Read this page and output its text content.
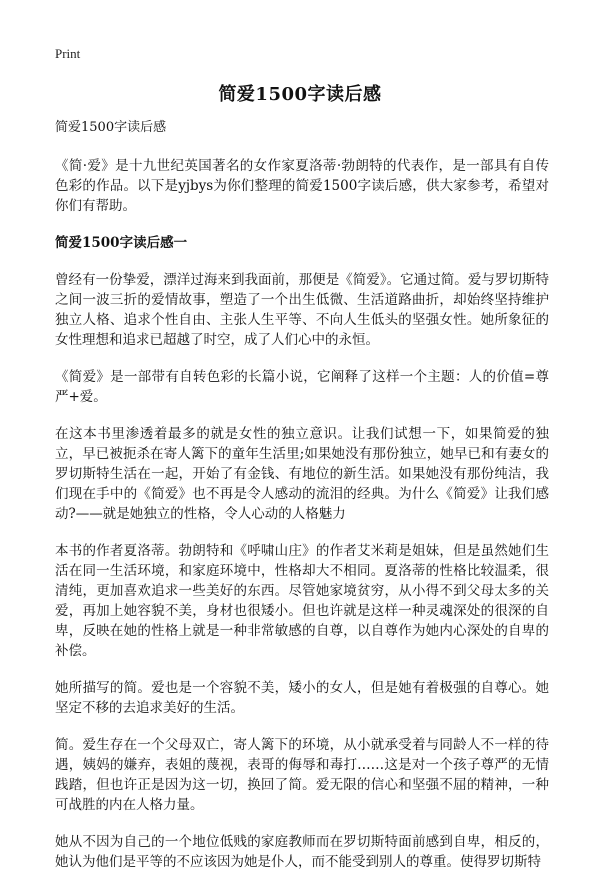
Print
简爱1500字读后感

简爱1500字读后感

《简·爱》是十九世纪英国著名的女作家夏洛蒂·勃朗特的代表作，是一部具有自传色彩的作品。以下是yjbys为你们整理的简爱1500字读后感，供大家参考，希望对你们有帮助。

简爱1500字读后感一

曾经有一份挚爱，漂洋过海来到我面前，那便是《简爱》。它通过简。爱与罗切斯特之间一波三折的爱情故事，塑造了一个出生低微、生活道路曲折，却始终坚持维护独立人格、追求个性自由、主张人生平等、不向人生低头的坚强女性。她所象征的女性理想和追求已超越了时空，成了人们心中的永恒。

《简爱》是一部带有自转色彩的长篇小说，它阐释了这样一个主题：人的价值=尊严+爱。

在这本书里渗透着最多的就是女性的独立意识。让我们试想一下，如果简爱的独立，早已被扼杀在寄人篱下的童年生活里;如果她没有那份独立，她早已和有妻女的罗切斯特生活在一起，开始了有金钱、有地位的新生活。如果她没有那份纯洁，我们现在手中的《简爱》也不再是令人感动的流泪的经典。为什么《简爱》让我们感动?——就是她独立的性格，令人心动的人格魅力

本书的作者夏洛蒂。勃朗特和《呼啸山庄》的作者艾米莉是姐妹，但是虽然她们生活在同一生活环境，和家庭环境中，性格却大不相同。夏洛蒂的性格比较温柔，很清纯，更加喜欢追求一些美好的东西。尽管她家境贫穷，从小得不到父母太多的关爱，再加上她容貌不美，身材也很矮小。但也许就是这样一种灵魂深处的很深的自卑，反映在她的性格上就是一种非常敏感的自尊，以自尊作为她内心深处的自卑的补偿。

她所描写的简。爱也是一个容貌不美，矮小的女人，但是她有着极强的自尊心。她坚定不移的去追求美好的生活。

简。爱生存在一个父母双亡，寄人篱下的环境，从小就承受着与同龄人不一样的待遇，姨妈的嫌弃，表姐的蔑视，表哥的侮辱和毒打……这是对一个孩子尊严的无情践踏，但也许正是因为这一切，换回了简。爱无限的信心和坚强不屈的精神，一种可战胜的内在人格力量。

她从不因为自己的一个地位低贱的家庭教师而在罗切斯特面前感到自卑，相反的，她认为他们是平等的不应该因为她是仆人，而不能受到别人的尊重。使得罗切斯特
